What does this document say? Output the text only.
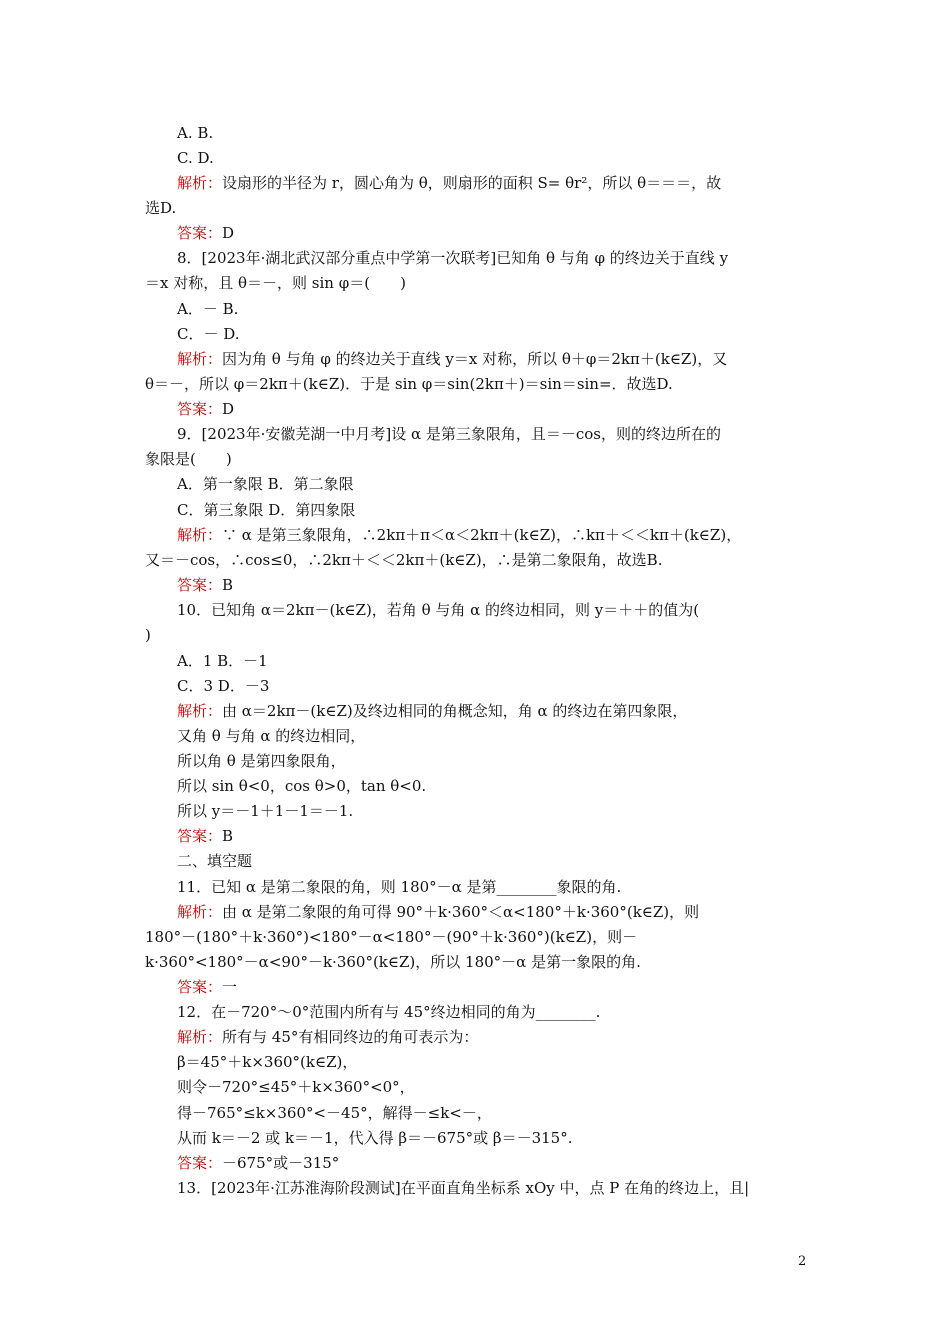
A. B.
C. D.
解析：设扇形的半径为 r，圆心角为 θ，则扇形的面积 S= θr²，所以 θ＝＝＝，故
选D.
答案：D
8．[2023年·湖北武汉部分重点中学第一次联考]已知角 θ 与角 φ 的终边关于直线 y
＝x 对称，且 θ＝－，则 sin φ＝(　　)
A．－ B.
C．－ D.
解析：因为角 θ 与角 φ 的终边关于直线 y＝x 对称，所以 θ＋φ＝2kπ＋(k∈Z)，又
θ＝－，所以 φ＝2kπ＋(k∈Z)．于是 sin φ＝sin(2kπ＋)＝sin＝sin=．故选D.
答案：D
9．[2023年·安徽芜湖一中月考]设 α 是第三象限角，且＝－cos，则的终边所在的
象限是(　　)
A．第一象限 B．第二象限
C．第三象限 D．第四象限
解析：∵ α 是第三象限角，∴2kπ＋π＜α＜2kπ＋(k∈Z)，∴kπ＋＜＜kπ＋(k∈Z)，
又＝－cos，∴cos≤0，∴2kπ＋＜＜2kπ＋(k∈Z)，∴是第二象限角，故选B.
答案：B
10．已知角 α＝2kπ－(k∈Z)，若角 θ 与角 α 的终边相同，则 y＝＋＋的值为(
)
A．1 B．－1
C．3 D．－3
解析：由 α＝2kπ－(k∈Z)及终边相同的角概念知，角 α 的终边在第四象限，
又角 θ 与角 α 的终边相同，
所以角 θ 是第四象限角，
所以 sin θ<0，cos θ>0，tan θ<0.
所以 y＝－1＋1－1＝－1.
答案：B
二、填空题
11．已知 α 是第二象限的角，则 180°－α 是第________象限的角.
解析：由 α 是第二象限的角可得 90°＋k·360°＜α<180°＋k·360°(k∈Z)，则
180°－(180°＋k·360°)<180°－α<180°－(90°＋k·360°)(k∈Z)，则－
k·360°<180°－α<90°－k·360°(k∈Z)，所以 180°－α 是第一象限的角.
答案：一
12．在－720°～0°范围内所有与 45°终边相同的角为________.
解析：所有与 45°有相同终边的角可表示为：
β＝45°＋k×360°(k∈Z)，
则令－720°≤45°＋k×360°<0°，
得－765°≤k×360°<－45°，解得－≤k<－，
从而 k＝－2 或 k＝－1，代入得 β＝－675°或 β＝－315°.
答案：－675°或－315°
13．[2023年·江苏淮海阶段测试]在平面直角坐标系 xOy 中，点 P 在角的终边上，且|
2
